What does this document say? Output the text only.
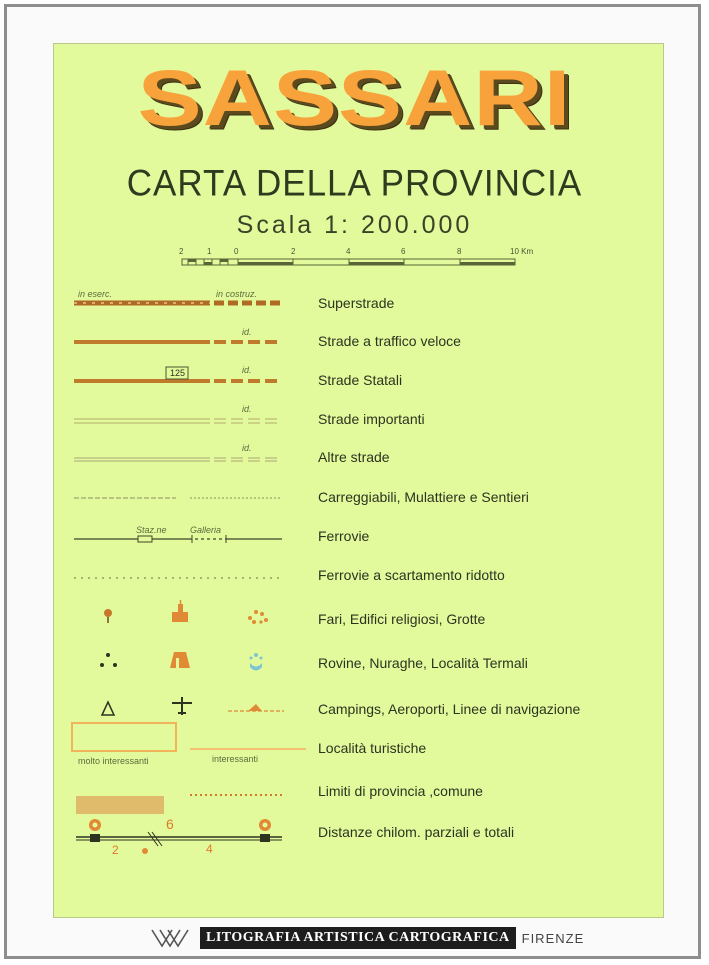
SASSARI
CARTA DELLA PROVINCIA
Scala 1: 200.000
2	1	0	2	4	6	8	10 Km
in eserc.	in costruz.
id.
id.
125
id.
id.
Staz.ne	Galleria
molto interessanti	interessanti
6
2	4
Superstrade
Strade a traffico veloce
Strade Statali
Strade importanti
Altre strade
Carreggiabili, Mulattiere e Sentieri
Ferrovie
Ferrovie a scartamento ridotto
Fari, Edifici religiosi, Grotte
Rovine, Nuraghe, Località Termali
Campings, Aeroporti, Linee di navigazione
Località turistiche
Limiti di provincia ,comune
Distanze chilom. parziali e totali
LITOGRAFIA ARTISTICA CARTOGRAFICA FIRENZE
